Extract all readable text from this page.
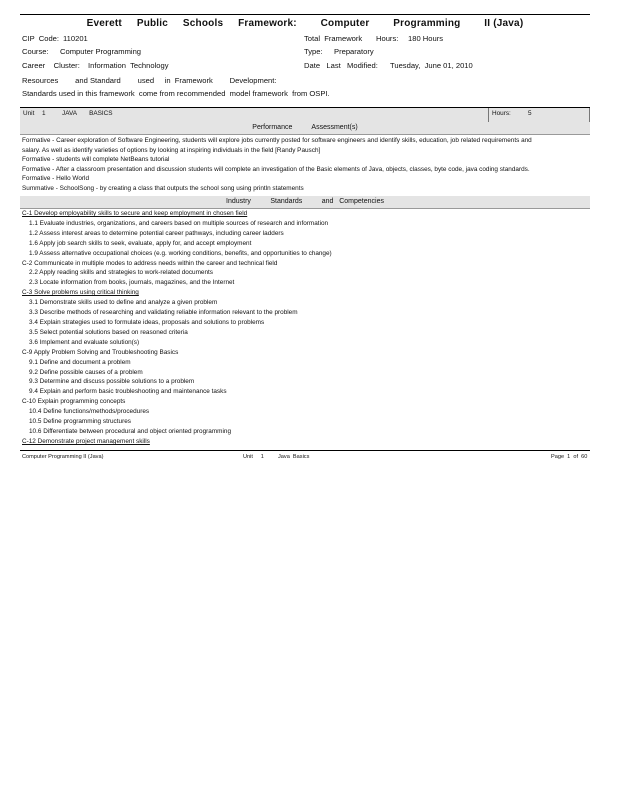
Everett     Public     Schools     Framework:        Computer        Programming        II (Java)
CIP  Code: 110201
Course: Computer Programming
Career    Cluster: Information  Technology
Total  Framework Hours: 180 Hours
Type: Preparatory
Date   Last   Modified: Tuesday,  June 01, 2010
Resources        and Standard        used     in  Framework        Development:
Standards used in this framework  come from recommended  model framework  from OSPI.
Unit 1	JAVA       BASICS	Hours:	5
Performance          Assessment(s)
Formative - Career exploration of Software Engineering, students will explore jobs currently posted for software engineers and identify skills, education, job related requirements and
salary. As well as identify varieties of options by looking at inspiring individuals in the field [Randy Pausch]
Formative - students will complete NetBeans tutorial
Formative - After a classroom presentation and discussion students will complete an investigation of the Basic elements of Java, objects, classes, byte code, java coding standards.
Formative - Hello World
Summative - SchoolSong - by creating a class that outputs the school song using println statements
Industry          Standards          and   Competencies
C-1 Develop employability skills to secure and keep employment in chosen field
1.1 Evaluate industries, organizations, and careers based on multiple sources of research and information
1.2 Assess interest areas to determine potential career pathways, including career ladders
1.6 Apply job search skills to seek, evaluate, apply for, and accept employment
1.9 Assess alternative occupational choices (e.g. working conditions, benefits, and opportunities to change)
C-2 Communicate in multiple modes to address needs within the career and technical field
2.2 Apply reading skills and strategies to work-related documents
2.3 Locate information from books, journals, magazines, and the Internet
C-3 Solve problems using critical thinking
3.1 Demonstrate skills used to define and analyze a given problem
3.3 Describe methods of researching and validating reliable information relevant to the problem
3.4 Explain strategies used to formulate ideas, proposals and solutions to problems
3.5 Select potential solutions based on reasoned criteria
3.6 Implement and evaluate solution(s)
C-9 Apply Problem Solving and Troubleshooting Basics
9.1 Define and document a problem
9.2 Define possible causes of a problem
9.3 Determine and discuss possible solutions to a problem
9.4 Explain and perform basic troubleshooting and maintenance tasks
C-10 Explain programming concepts
10.4 Define functions/methods/procedures
10.5 Define programming structures
10.6 Differentiate between procedural and object oriented programming
C-12 Demonstrate project management skills
Computer Programming II (Java)	Unit     1	Java  Basics	Page  1  of  60
